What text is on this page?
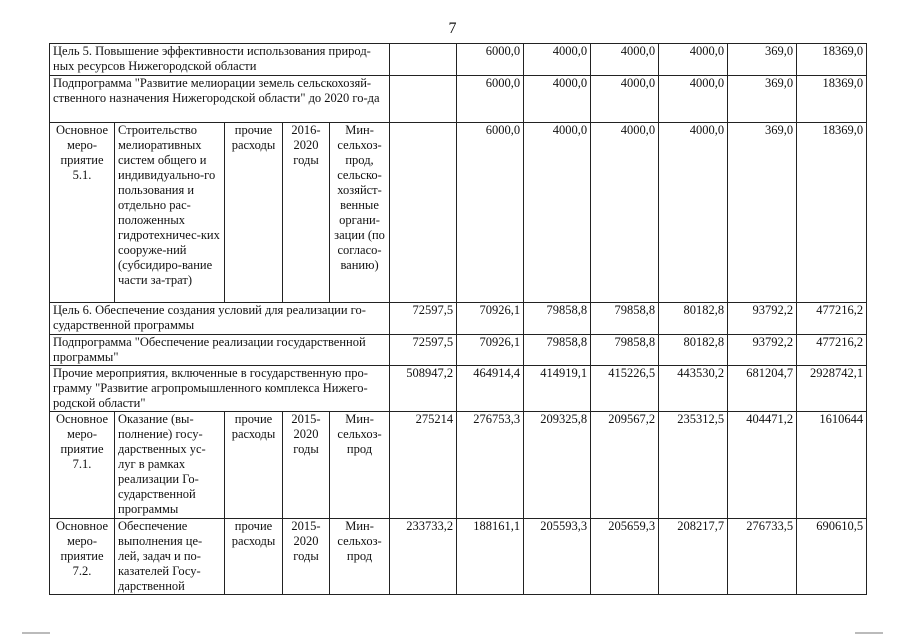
7
Цель 5. Повышение эффективности использования природ-ных ресурсов Нижегородской области						6000,0	4000,0	4000,0	4000,0	369,0	18369,0
Подпрограмма "Развитие мелиорации земель сельскохозяй-ственного назначения Нижегородской области" до 2020 го-да						6000,0	4000,0	4000,0	4000,0	369,0	18369,0
Основное меро-приятие 5.1.	Строительство мелиоративных систем общего и индивидуально-го пользования и отдельно рас-положенных гидротехничес-ких сооруже-ний (субсидиро-вание части за-трат)	прочие расходы	2016-2020 годы	Мин-сельхоз-прод, сельско-хозяйст-венные органи-зации (по согласо-ванию)		6000,0	4000,0	4000,0	4000,0	369,0	18369,0
Цель 6. Обеспечение создания условий для реализации го-сударственной программы					72597,5	70926,1	79858,8	79858,8	80182,8	93792,2	477216,2
Подпрограмма "Обеспечение реализации государственной программы"					72597,5	70926,1	79858,8	79858,8	80182,8	93792,2	477216,2
Прочие мероприятия, включенные в государственную про-грамму "Развитие агропромышленного комплекса Нижего-родской области"					508947,2	464914,4	414919,1	415226,5	443530,2	681204,7	2928742,1
Основное меро-приятие 7.1.	Оказание (вы-полнение) госу-дарственных ус-луг в рамках реализации Го-сударственной программы	прочие расходы	2015-2020 годы	Мин-сельхоз-прод	275214	276753,3	209325,8	209567,2	235312,5	404471,2	1610644
Основное меро-приятие 7.2.	Обеспечение выполнения це-лей, задач и по-казателей Госу-дарственной	прочие расходы	2015-2020 годы	Мин-сельхоз-прод	233733,2	188161,1	205593,3	205659,3	208217,7	276733,5	690610,5
